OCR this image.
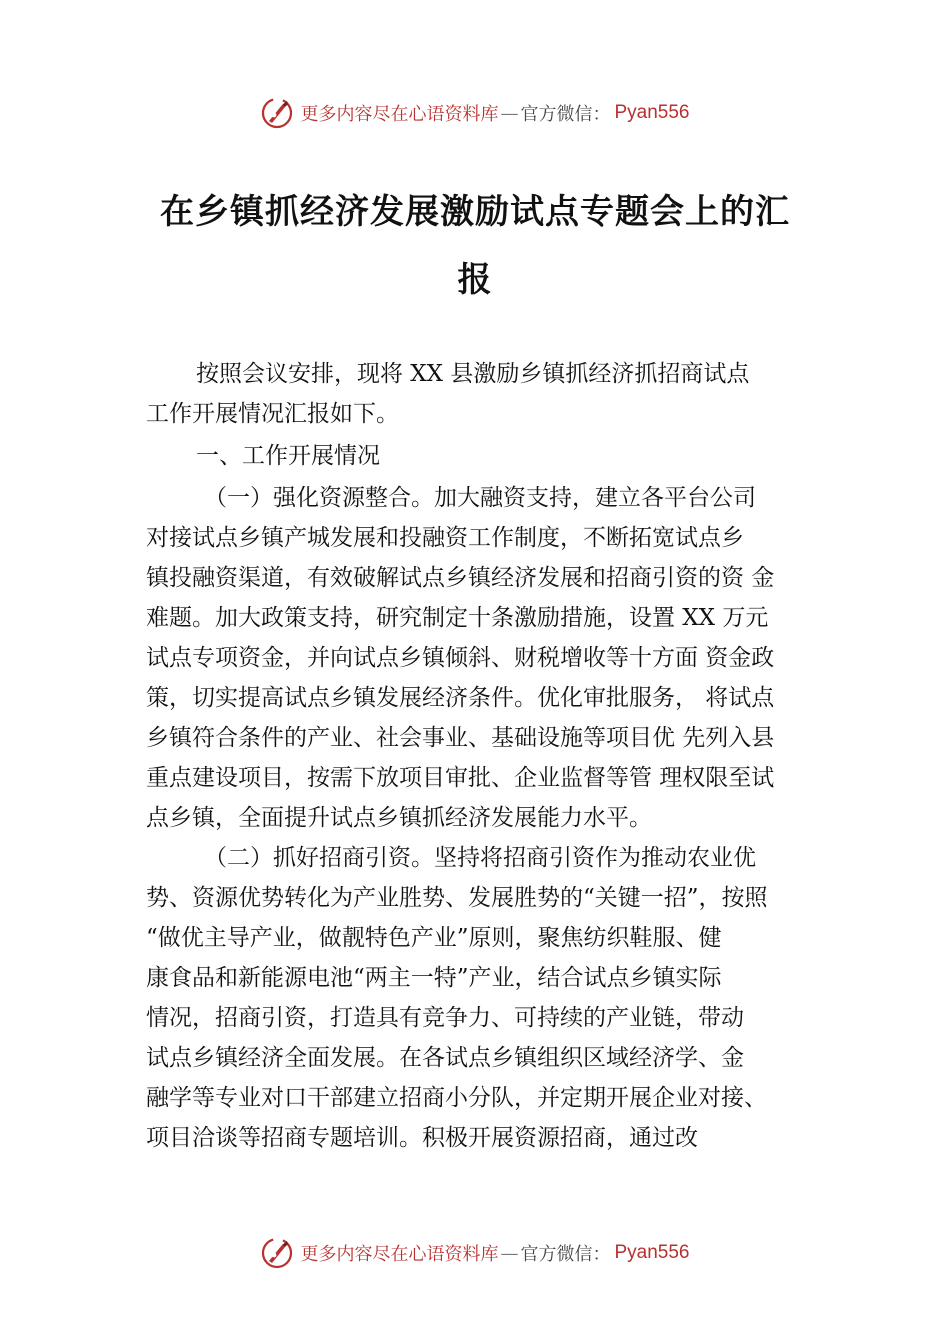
更多内容尽在心语资料库 — 官方微信： Pyan556
在乡镇抓经济发展激励试点专题会上的汇
报
按照会议安排，现将 XX 县激励乡镇抓经济抓招商试点
工作开展情况汇报如下。
一、工作开展情况
（一）强化资源整合。加大融资支持，建立各平台公司
对接试点乡镇产城发展和投融资工作制度，不断拓宽试点乡
镇投融资渠道，有效破解试点乡镇经济发展和招商引资的资 金
难题。加大政策支持，研究制定十条激励措施，设置 XX 万元
试点专项资金，并向试点乡镇倾斜、财税增收等十方面 资金政
策，切实提高试点乡镇发展经济条件。优化审批服务， 将试点
乡镇符合条件的产业、社会事业、基础设施等项目优 先列入县
重点建设项目，按需下放项目审批、企业监督等管 理权限至试
点乡镇，全面提升试点乡镇抓经济发展能力水平。
（二）抓好招商引资。坚持将招商引资作为推动农业优
势、资源优势转化为产业胜势、发展胜势的“关键一招”，按照
“做优主导产业，做靓特色产业”原则，聚焦纺织鞋服、健
康食品和新能源电池“两主一特”产业，结合试点乡镇实际
情况，招商引资，打造具有竞争力、可持续的产业链，带动
试点乡镇经济全面发展。在各试点乡镇组织区域经济学、金
融学等专业对口干部建立招商小分队，并定期开展企业对接、
项目洽谈等招商专题培训。积极开展资源招商，通过改
更多内容尽在心语资料库 — 官方微信： Pyan556
